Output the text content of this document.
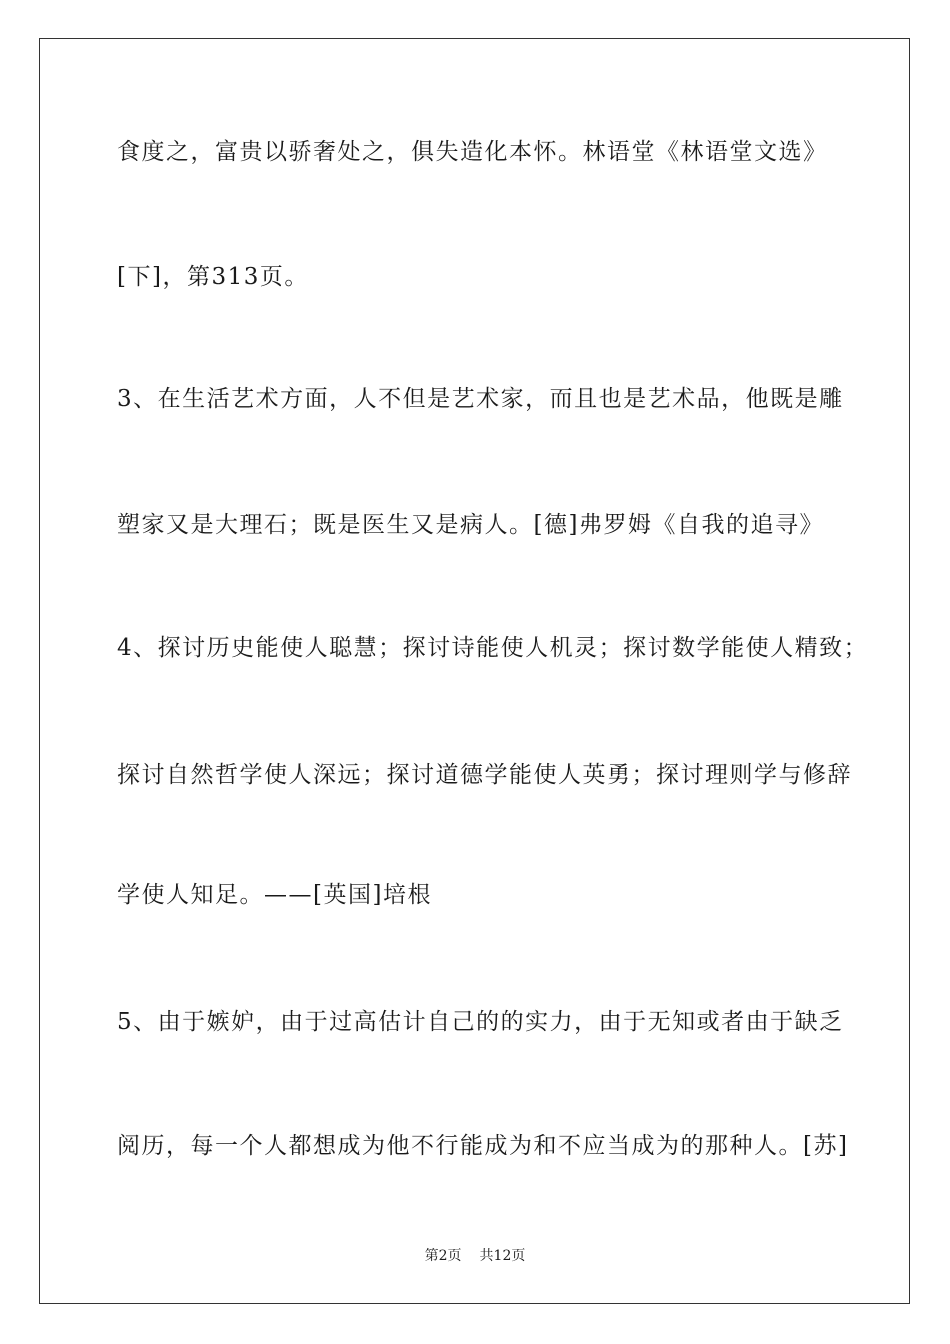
食度之，富贵以骄奢处之，俱失造化本怀。林语堂《林语堂文选》
[下]，第313页。
3、在生活艺术方面，人不但是艺术家，而且也是艺术品，他既是雕
塑家又是大理石；既是医生又是病人。[德]弗罗姆《自我的追寻》
4、探讨历史能使人聪慧；探讨诗能使人机灵；探讨数学能使人精致；
探讨自然哲学使人深远；探讨道德学能使人英勇；探讨理则学与修辞
学使人知足。——[英国]培根
5、由于嫉妒，由于过高估计自己的的实力，由于无知或者由于缺乏
阅历，每一个人都想成为他不行能成为和不应当成为的那种人。[苏]
第2页 共12页
